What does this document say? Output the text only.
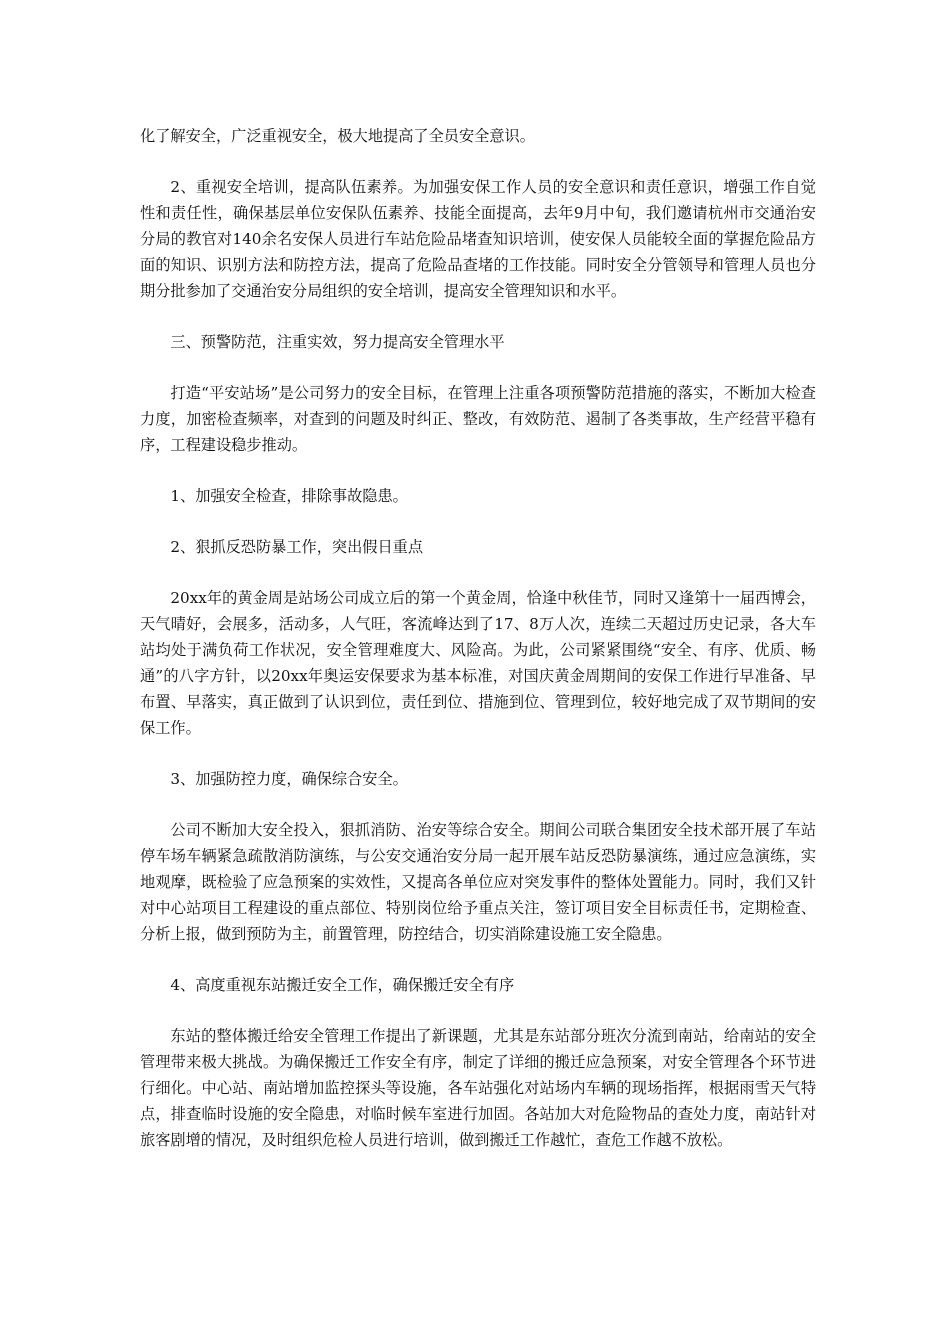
化了解安全，广泛重视安全，极大地提高了全员安全意识。

2、重视安全培训，提高队伍素养。为加强安保工作人员的安全意识和责任意识，增强工作自觉性和责任性，确保基层单位安保队伍素养、技能全面提高，去年9月中旬，我们邀请杭州市交通治安分局的教官对140余名安保人员进行车站危险品堵查知识培训，使安保人员能较全面的掌握危险品方面的知识、识别方法和防控方法，提高了危险品查堵的工作技能。同时安全分管领导和管理人员也分期分批参加了交通治安分局组织的安全培训，提高安全管理知识和水平。

三、预警防范，注重实效，努力提高安全管理水平

打造“平安站场”是公司努力的安全目标，在管理上注重各项预警防范措施的落实，不断加大检查力度，加密检查频率，对查到的问题及时纠正、整改，有效防范、遏制了各类事故，生产经营平稳有序，工程建设稳步推动。

1、加强安全检查，排除事故隐患。

2、狠抓反恐防暴工作，突出假日重点

20xx年的黄金周是站场公司成立后的第一个黄金周，恰逢中秋佳节，同时又逢第十一届西博会，天气晴好，会展多，活动多，人气旺，客流峰达到了17、8万人次，连续二天超过历史记录，各大车站均处于满负荷工作状况，安全管理难度大、风险高。为此，公司紧紧围绕“安全、有序、优质、畅通”的八字方针，以20xx年奥运安保要求为基本标准，对国庆黄金周期间的安保工作进行早准备、早布置、早落实，真正做到了认识到位，责任到位、措施到位、管理到位，较好地完成了双节期间的安保工作。

3、加强防控力度，确保综合安全。

公司不断加大安全投入，狠抓消防、治安等综合安全。期间公司联合集团安全技术部开展了车站停车场车辆紧急疏散消防演练，与公安交通治安分局一起开展车站反恐防暴演练，通过应急演练，实地观摩，既检验了应急预案的实效性，又提高各单位应对突发事件的整体处置能力。同时，我们又针对中心站项目工程建设的重点部位、特别岗位给予重点关注，签订项目安全目标责任书，定期检查、分析上报，做到预防为主，前置管理，防控结合，切实消除建设施工安全隐患。

4、高度重视东站搬迁安全工作，确保搬迁安全有序

东站的整体搬迁给安全管理工作提出了新课题，尤其是东站部分班次分流到南站，给南站的安全管理带来极大挑战。为确保搬迁工作安全有序，制定了详细的搬迁应急预案，对安全管理各个环节进行细化。中心站、南站增加监控探头等设施，各车站强化对站场内车辆的现场指挥，根据雨雪天气特点，排查临时设施的安全隐患，对临时候车室进行加固。各站加大对危险物品的查处力度，南站针对旅客剧增的情况，及时组织危检人员进行培训，做到搬迁工作越忙，查危工作越不放松。
